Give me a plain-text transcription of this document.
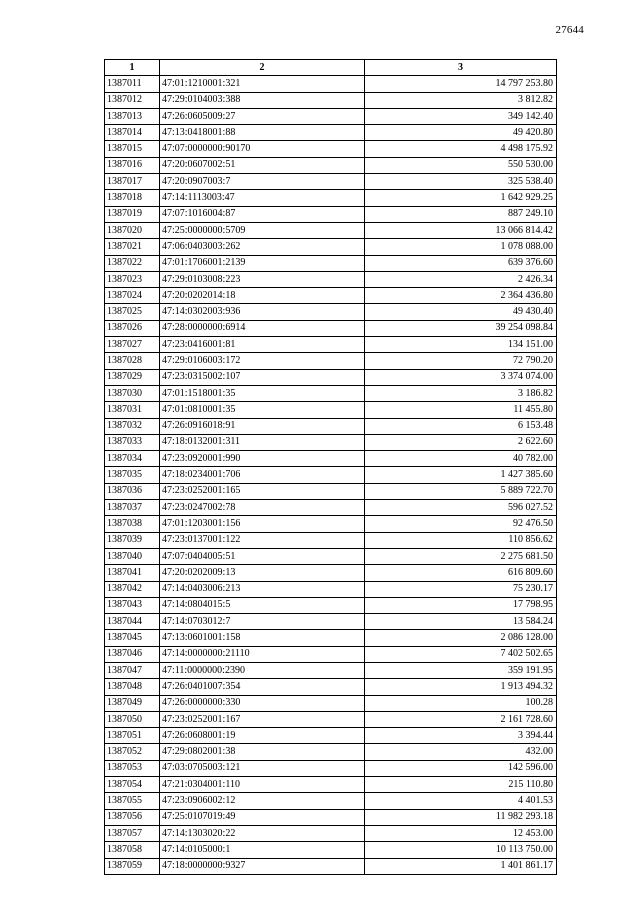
27644
1	2	3
1387011	47:01:1210001:321	14 797 253.80
1387012	47:29:0104003:388	3 812.82
1387013	47:26:0605009:27	349 142.40
1387014	47:13:0418001:88	49 420.80
1387015	47:07:0000000:90170	4 498 175.92
1387016	47:20:0607002:51	550 530.00
1387017	47:20:0907003:7	325 538.40
1387018	47:14:1113003:47	1 642 929.25
1387019	47:07:1016004:87	887 249.10
1387020	47:25:0000000:5709	13 066 814.42
1387021	47:06:0403003:262	1 078 088.00
1387022	47:01:1706001:2139	639 376.60
1387023	47:29:0103008:223	2 426.34
1387024	47:20:0202014:18	2 364 436.80
1387025	47:14:0302003:936	49 430.40
1387026	47:28:0000000:6914	39 254 098.84
1387027	47:23:0416001:81	134 151.00
1387028	47:29:0106003:172	72 790.20
1387029	47:23:0315002:107	3 374 074.00
1387030	47:01:1518001:35	3 186.82
1387031	47:01:0810001:35	11 455.80
1387032	47:26:0916018:91	6 153.48
1387033	47:18:0132001:311	2 622.60
1387034	47:23:0920001:990	40 782.00
1387035	47:18:0234001:706	1 427 385.60
1387036	47:23:0252001:165	5 889 722.70
1387037	47:23:0247002:78	596 027.52
1387038	47:01:1203001:156	92 476.50
1387039	47:23:0137001:122	110 856.62
1387040	47:07:0404005:51	2 275 681.50
1387041	47:20:0202009:13	616 809.60
1387042	47:14:0403006:213	75 230.17
1387043	47:14:0804015:5	17 798.95
1387044	47:14:0703012:7	13 584.24
1387045	47:13:0601001:158	2 086 128.00
1387046	47:14:0000000:21110	7 402 502.65
1387047	47:11:0000000:2390	359 191.95
1387048	47:26:0401007:354	1 913 494.32
1387049	47:26:0000000:330	100.28
1387050	47:23:0252001:167	2 161 728.60
1387051	47:26:0608001:19	3 394.44
1387052	47:29:0802001:38	432.00
1387053	47:03:0705003:121	142 596.00
1387054	47:21:0304001:110	215 110.80
1387055	47:23:0906002:12	4 401.53
1387056	47:25:0107019:49	11 982 293.18
1387057	47:14:1303020:22	12 453.00
1387058	47:14:0105000:1	10 113 750.00
1387059	47:18:0000000:9327	1 401 861.17
